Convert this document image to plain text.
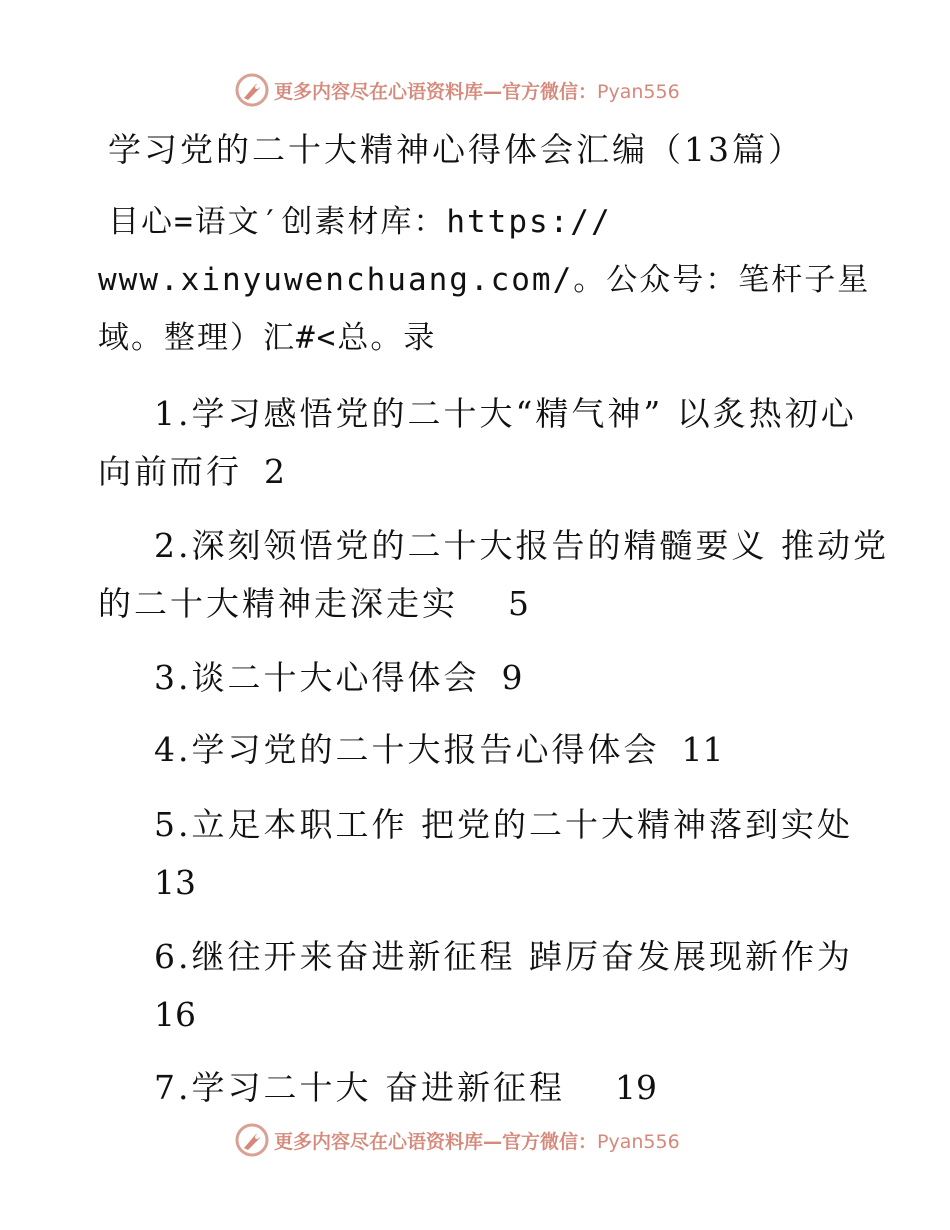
更多内容尽在心语资料库—官方微信：Pyan556
学习党的二十大精神心得体会汇编（13篇）
目心=语文′创素材库：https://
www.xinyuwenchuang.com/。公众号：笔杆子星
域。整理）汇#<总。录
1.学习感悟党的二十大“精气神” 以炙热初心
向前而行 2
2.深刻领悟党的二十大报告的精髓要义 推动党
的二十大精神走深走实 5
3.谈二十大心得体会 9
4.学习党的二十大报告心得体会 11
5.立足本职工作 把党的二十大精神落到实处
13
6.继往开来奋进新征程 踔厉奋发展现新作为
16
7.学习二十大 奋进新征程 19
更多内容尽在心语资料库—官方微信：Pyan556
